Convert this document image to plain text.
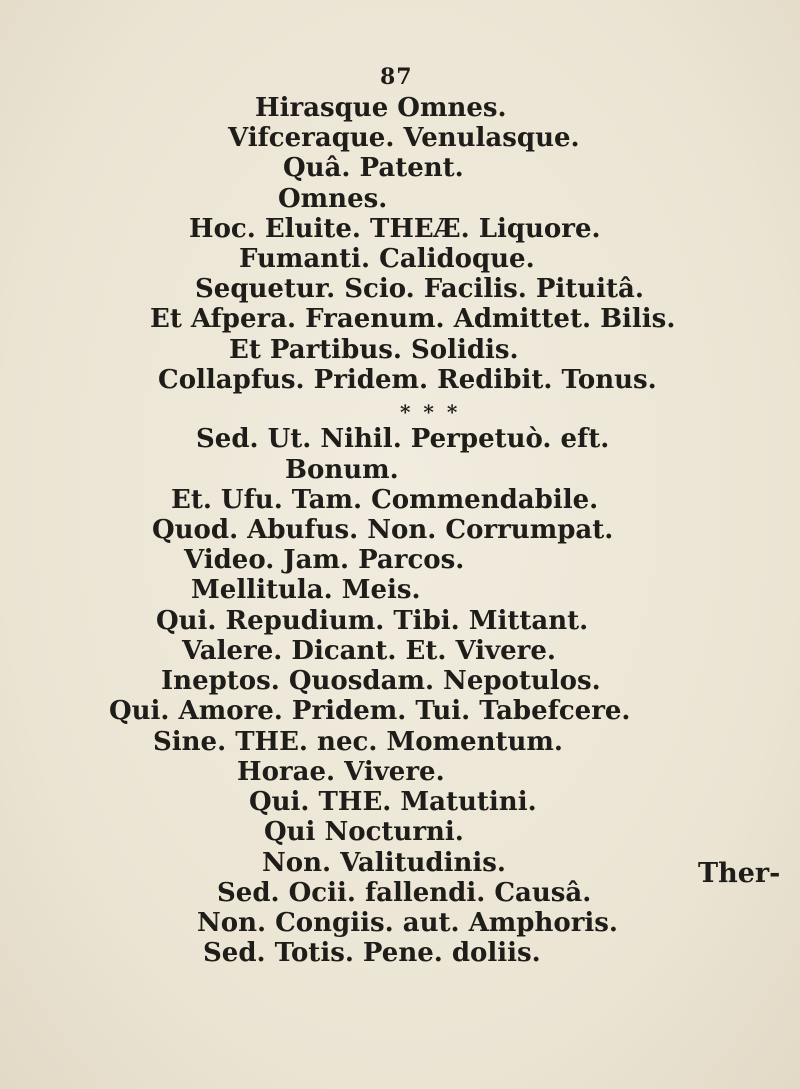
87
Hirasque Omnes.
Vifceraque. Venulasque.
Quâ. Patent.
Omnes.
Hoc. Eluite. THEÆ. Liquore.
Fumanti. Calidoque.
Sequetur. Scio. Facilis. Pituitâ.
Et Afpera. Fraenum. Admittet. Bilis.
Et Partibus. Solidis.
Collapfus. Pridem. Redibit. Tonus.
* * *
Sed. Ut. Nihil. Perpetuò. eft.
Bonum.
Et. Ufu. Tam. Commendabile.
Quod. Abufus. Non. Corrumpat.
Video. Jam. Parcos.
Mellitula. Meis.
Qui. Repudium. Tibi. Mittant.
Valere. Dicant. Et. Vivere.
Ineptos. Quosdam. Nepotulos.
Qui. Amore. Pridem. Tui. Tabefcere.
Sine. THE. nec. Momentum.
Horae. Vivere.
Qui. THE. Matutini.
Qui Nocturni.
Non. Valitudinis.
Sed. Ocii. fallendi. Causâ.
Non. Congiis. aut. Amphoris.
Sed. Totis. Pene. doliis.
Ther-
